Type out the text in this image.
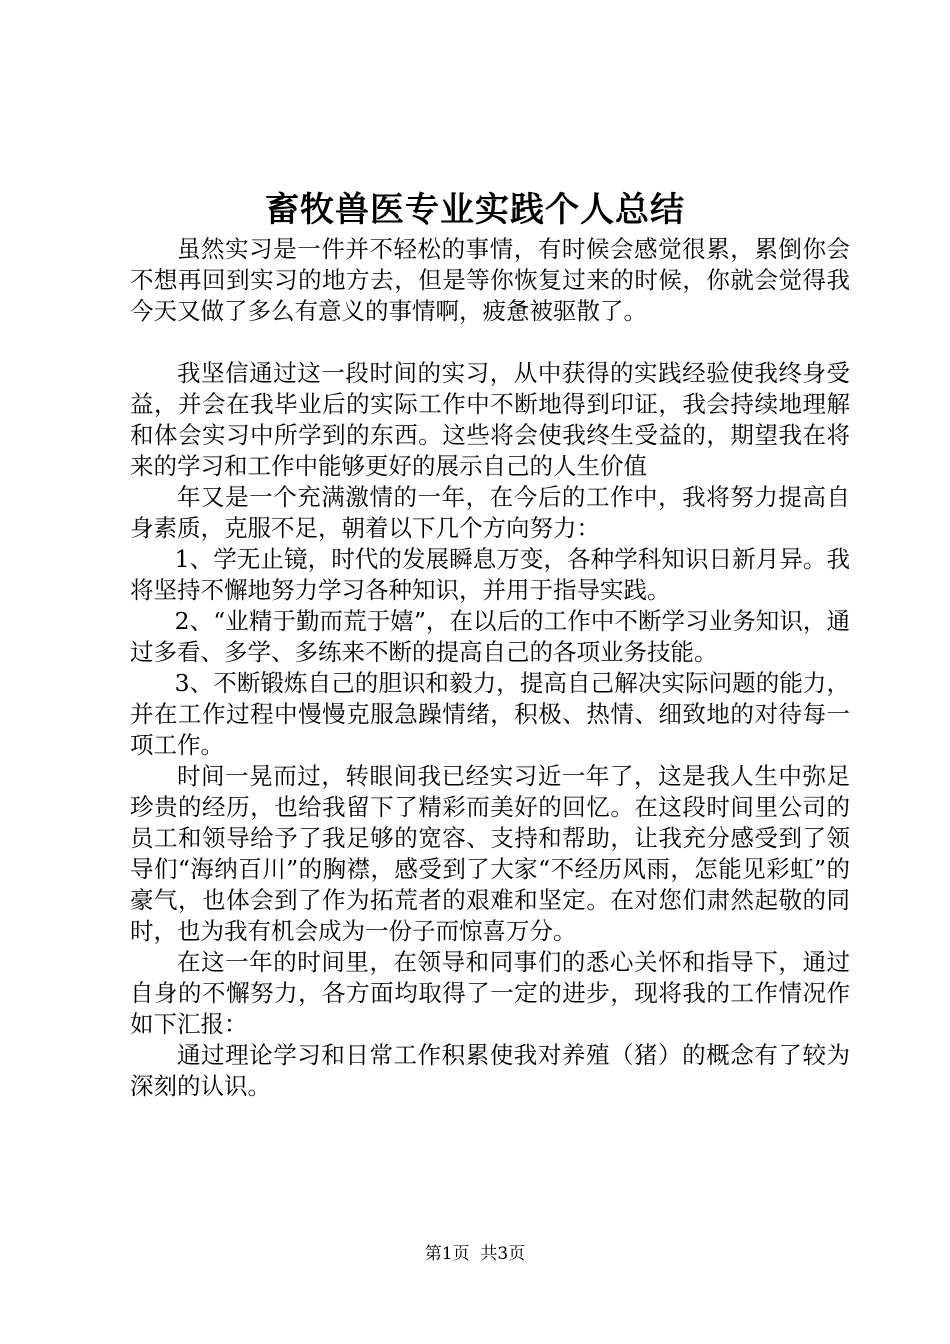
畜牧兽医专业实践个人总结

虽然实习是一件并不轻松的事情，有时候会感觉很累，累倒你会不想再回到实习的地方去，但是等你恢复过来的时候，你就会觉得我今天又做了多么有意义的事情啊，疲惫被驱散了。

我坚信通过这一段时间的实习，从中获得的实践经验使我终身受益，并会在我毕业后的实际工作中不断地得到印证，我会持续地理解和体会实习中所学到的东西。这些将会使我终生受益的，期望我在将来的学习和工作中能够更好的展示自己的人生价值

年又是一个充满激情的一年，在今后的工作中，我将努力提高自身素质，克服不足，朝着以下几个方向努力：

1、学无止镜，时代的发展瞬息万变，各种学科知识日新月异。我将坚持不懈地努力学习各种知识，并用于指导实践。

2、“业精于勤而荒于嬉”，在以后的工作中不断学习业务知识，通过多看、多学、多练来不断的提高自己的各项业务技能。

3、不断锻炼自己的胆识和毅力，提高自己解决实际问题的能力，并在工作过程中慢慢克服急躁情绪，积极、热情、细致地的对待每一项工作。

时间一晃而过，转眼间我已经实习近一年了，这是我人生中弥足珍贵的经历，也给我留下了精彩而美好的回忆。在这段时间里公司的员工和领导给予了我足够的宽容、支持和帮助，让我充分感受到了领导们“海纳百川”的胸襟，感受到了大家“不经历风雨，怎能见彩虹”的豪气，也体会到了作为拓荒者的艰难和坚定。在对您们肃然起敬的同时，也为我有机会成为一份子而惊喜万分。

在这一年的时间里，在领导和同事们的悉心关怀和指导下，通过自身的不懈努力，各方面均取得了一定的进步，现将我的工作情况作如下汇报：

通过理论学习和日常工作积累使我对养殖（猪）的概念有了较为深刻的认识。

第1页  共3页
